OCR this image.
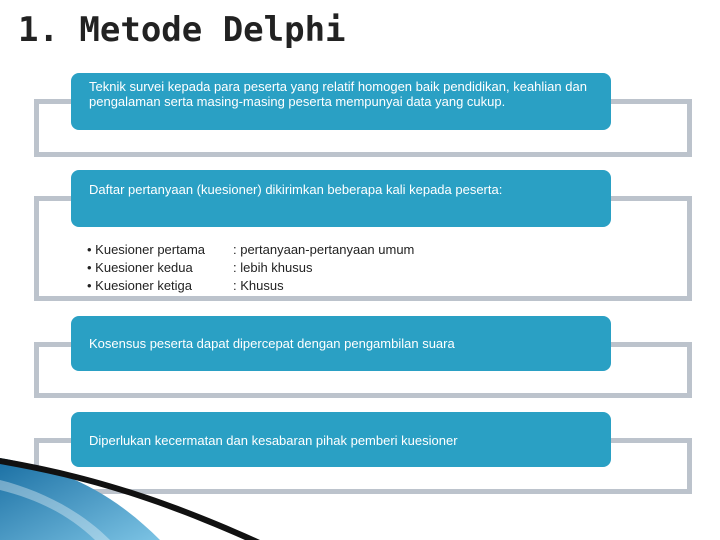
1. Metode Delphi

Teknik survei kepada para peserta yang relatif homogen baik pendidikan, keahlian dan pengalaman serta masing-masing peserta mempunyai data yang cukup.

Daftar pertanyaan (kuesioner) dikirimkan beberapa kali kepada peserta:

• Kuesioner pertama	: pertanyaan-pertanyaan umum
• Kuesioner kedua	: lebih khusus
• Kuesioner ketiga	: Khusus

Kosensus peserta dapat dipercepat dengan pengambilan suara

Diperlukan kecermatan dan kesabaran pihak pemberi kuesioner
